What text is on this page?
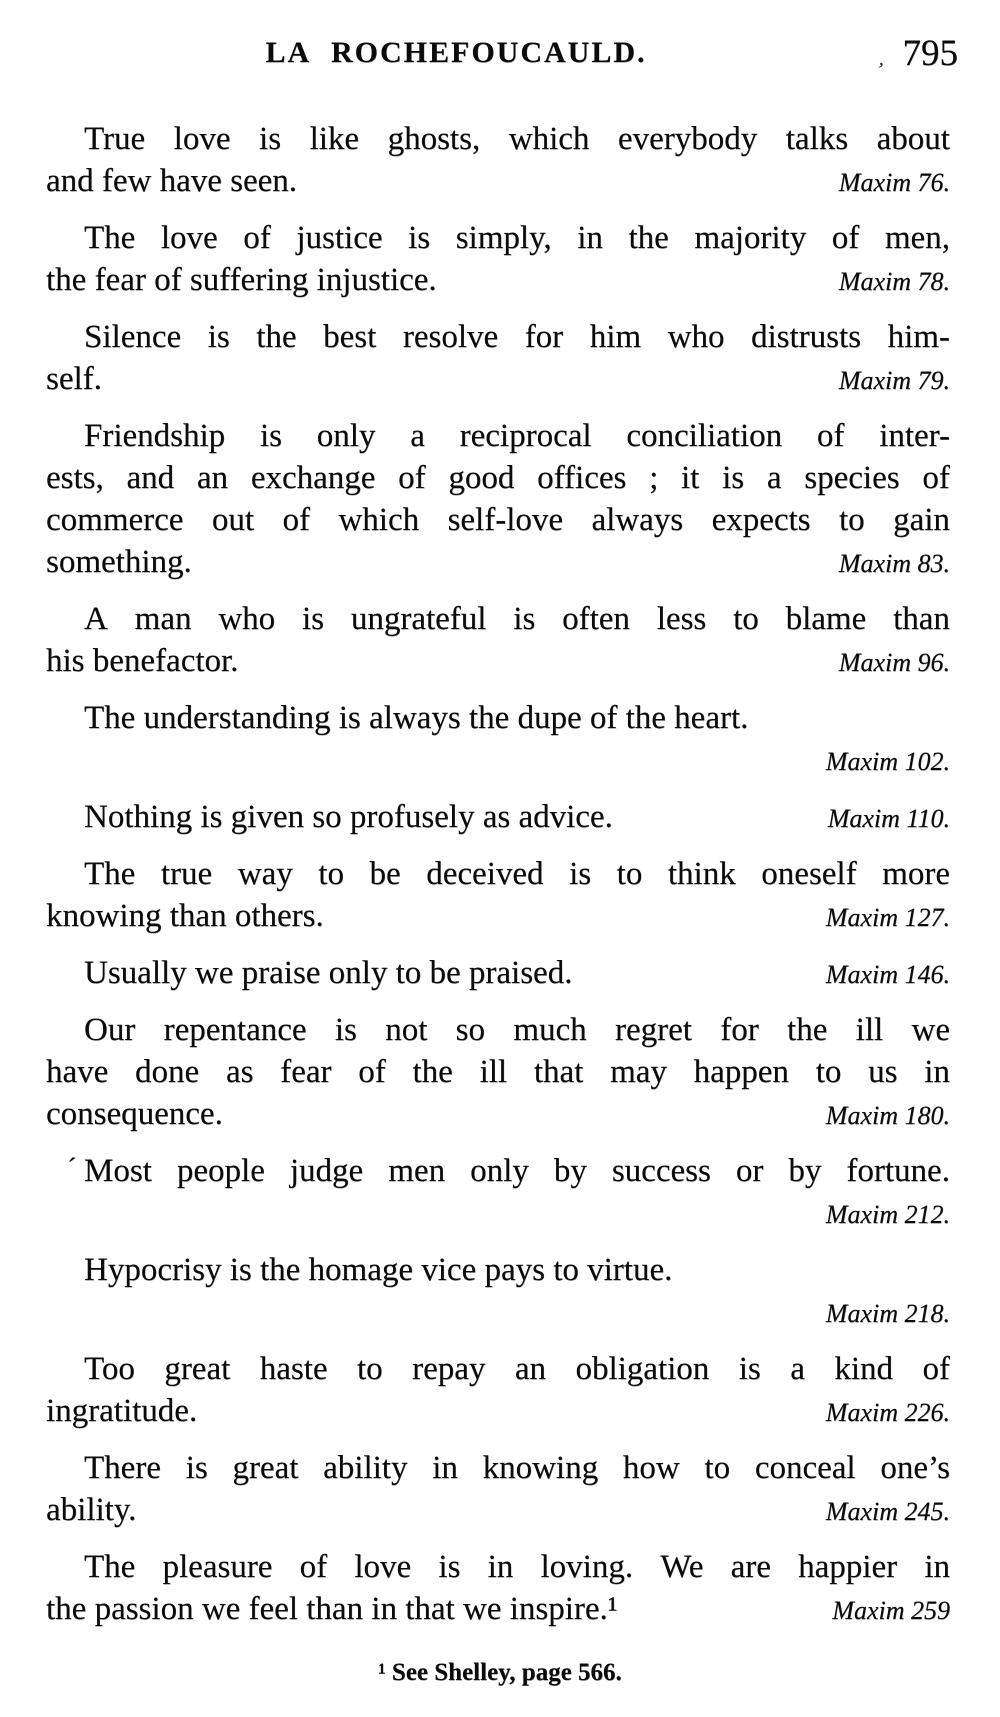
LA ROCHEFOUCAULD.	, 795
True love is like ghosts, which everybody talks about
and few have seen.	Maxim 76.
The love of justice is simply, in the majority of men,
the fear of suffering injustice.	Maxim 78.
Silence is the best resolve for him who distrusts him-
self.	Maxim 79.
Friendship is only a reciprocal conciliation of inter-
ests, and an exchange of good offices ; it is a species of
commerce out of which self-love always expects to gain
something.	Maxim 83.
A man who is ungrateful is often less to blame than
his benefactor.	Maxim 96.
The understanding is always the dupe of the heart.
Maxim 102.
Nothing is given so profusely as advice.	Maxim 110.
The true way to be deceived is to think oneself more
knowing than others.	Maxim 127.
Usually we praise only to be praised.	Maxim 146.
Our repentance is not so much regret for the ill we
have done as fear of the ill that may happen to us in
consequence.	Maxim 180.
Most people judge men only by success or by fortune.
´
Maxim 212.
Hypocrisy is the homage vice pays to virtue.
Maxim 218.
Too great haste to repay an obligation is a kind of
ingratitude.	Maxim 226.
There is great ability in knowing how to conceal one’s
ability.	Maxim 245.
The pleasure of love is in loving. We are happier in
the passion we feel than in that we inspire.¹	Maxim 259
¹ See Shelley, page 566.
